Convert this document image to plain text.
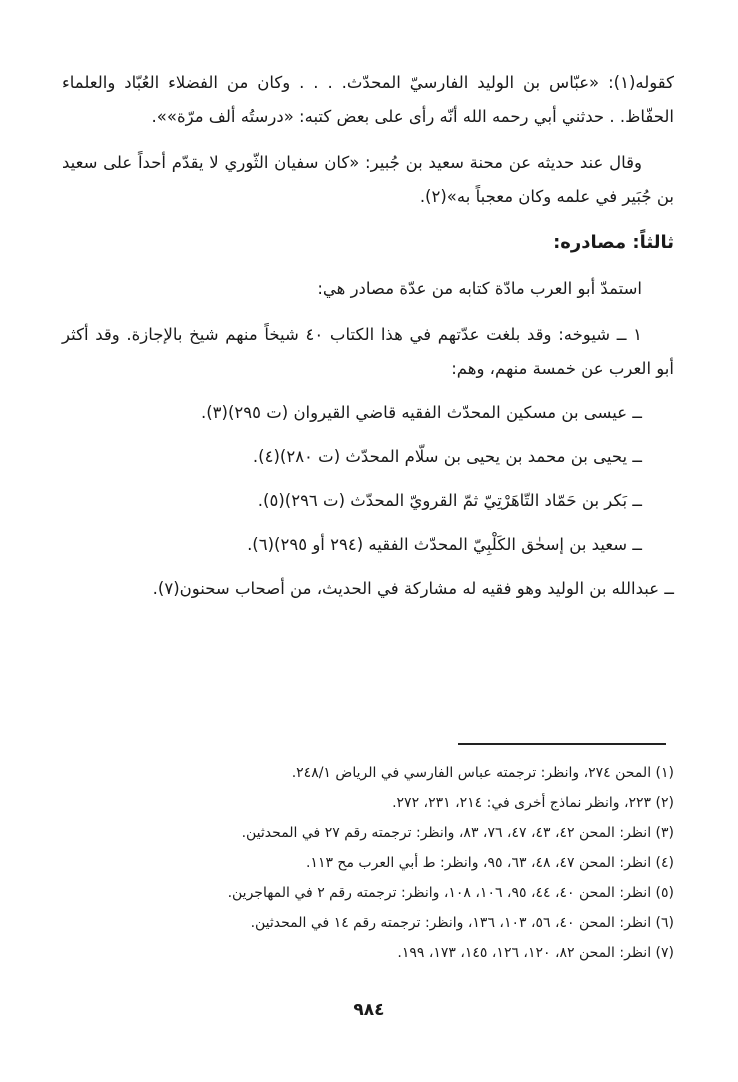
كقوله(١): «عبّاس بن الوليد الفارسيّ المحدّث. . . . وكان من الفضلاء العُبّاد والعلماء الحفّاظ. . حدثني أبي رحمه الله أنّه رأى على بعض كتبه: «درستُه ألف مرّة»».

وقال عند حديثه عن محنة سعيد بن جُبير: «كان سفيان الثّوري لا يقدّم أحداً على سعيد بن جُبَير في علمه وكان معجباً به»(٢).

ثالثاً: مصادره:

استمدّ أبو العرب مادّة كتابه من عدّة مصادر هي:

١ ــ شيوخه: وقد بلغت عدّتهم في هذا الكتاب ٤٠ شيخاً منهم شيخ بالإجازة. وقد أكثر أبو العرب عن خمسة منهم، وهم:

ــ عيسى بن مسكين المحدّث الفقيه قاضي القيروان (ت ٢٩٥)(٣).

ــ يحيى بن محمد بن يحيى بن سلّام المحدّث (ت ٢٨٠)(٤).

ــ بَكر بن حَمّاد التّاهَرْتِيّ ثمّ القرويّ المحدّث (ت ٢٩٦)(٥).

ــ سعيد بن إسحٰق الكَلْبِيّ المحدّث الفقيه (٢٩٤ أو ٢٩٥)(٦).

ــ عبدالله بن الوليد وهو فقيه له مشاركة في الحديث، من أصحاب سحنون(٧).

(١) المحن ٢٧٤، وانظر: ترجمته عباس الفارسي في الرياض ٢٤٨/١.

(٢) ٢٢٣، وانظر نماذج أخرى في: ٢١٤، ٢٣١، ٢٧٢.

(٣) انظر: المحن ٤٢، ٤٣، ٤٧، ٧٦، ٨٣، وانظر: ترجمته رقم ٢٧ في المحدثين.

(٤) انظر: المحن ٤٧، ٤٨، ٦٣، ٩٥، وانظر: ط أبي العرب مح ١١٣.

(٥) انظر: المحن ٤٠، ٤٤، ٩٥، ١٠٦، ١٠٨، وانظر: ترجمته رقم ٢ في المهاجرين.

(٦) انظر: المحن ٤٠، ٥٦، ١٠٣، ١٣٦، وانظر: ترجمته رقم ١٤ في المحدثين.

(٧) انظر: المحن ٨٢، ١٢٠، ١٢٦، ١٤٥، ١٧٣، ١٩٩.

٩٨٤
